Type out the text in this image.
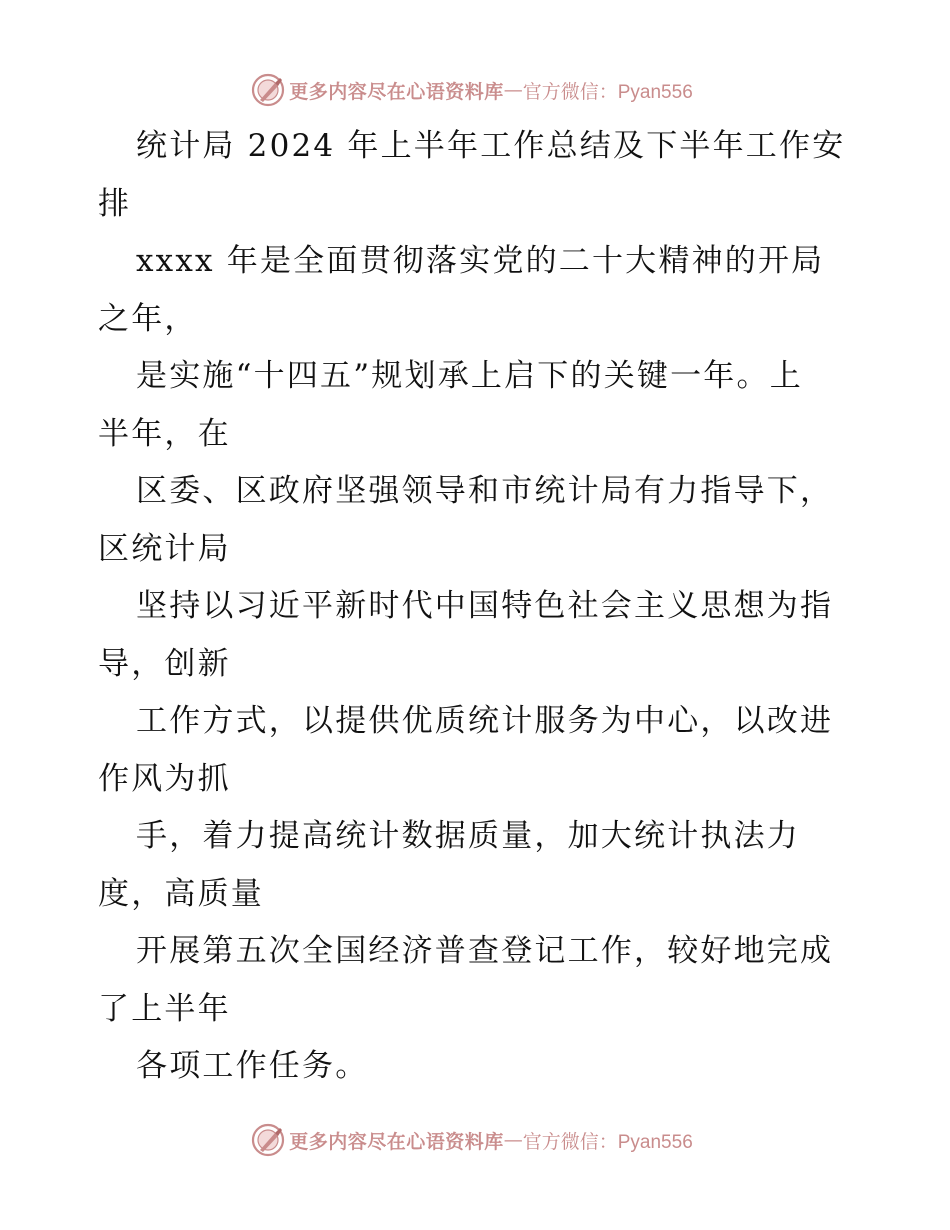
更多内容尽在心语资料库 — 官方微信：Pyan556

统计局 2024 年上半年工作总结及下半年工作安
排

xxxx 年是全面贯彻落实党的二十大精神的开局
之年，

是实施“十四五”规划承上启下的关键一年。上
半年，在

区委、区政府坚强领导和市统计局有力指导下，
区统计局

坚持以习近平新时代中国特色社会主义思想为指
导，创新

工作方式，以提供优质统计服务为中心，以改进
作风为抓

手，着力提高统计数据质量，加大统计执法力
度，高质量

开展第五次全国经济普查登记工作，较好地完成
了上半年

各项工作任务。

更多内容尽在心语资料库 — 官方微信：Pyan556
